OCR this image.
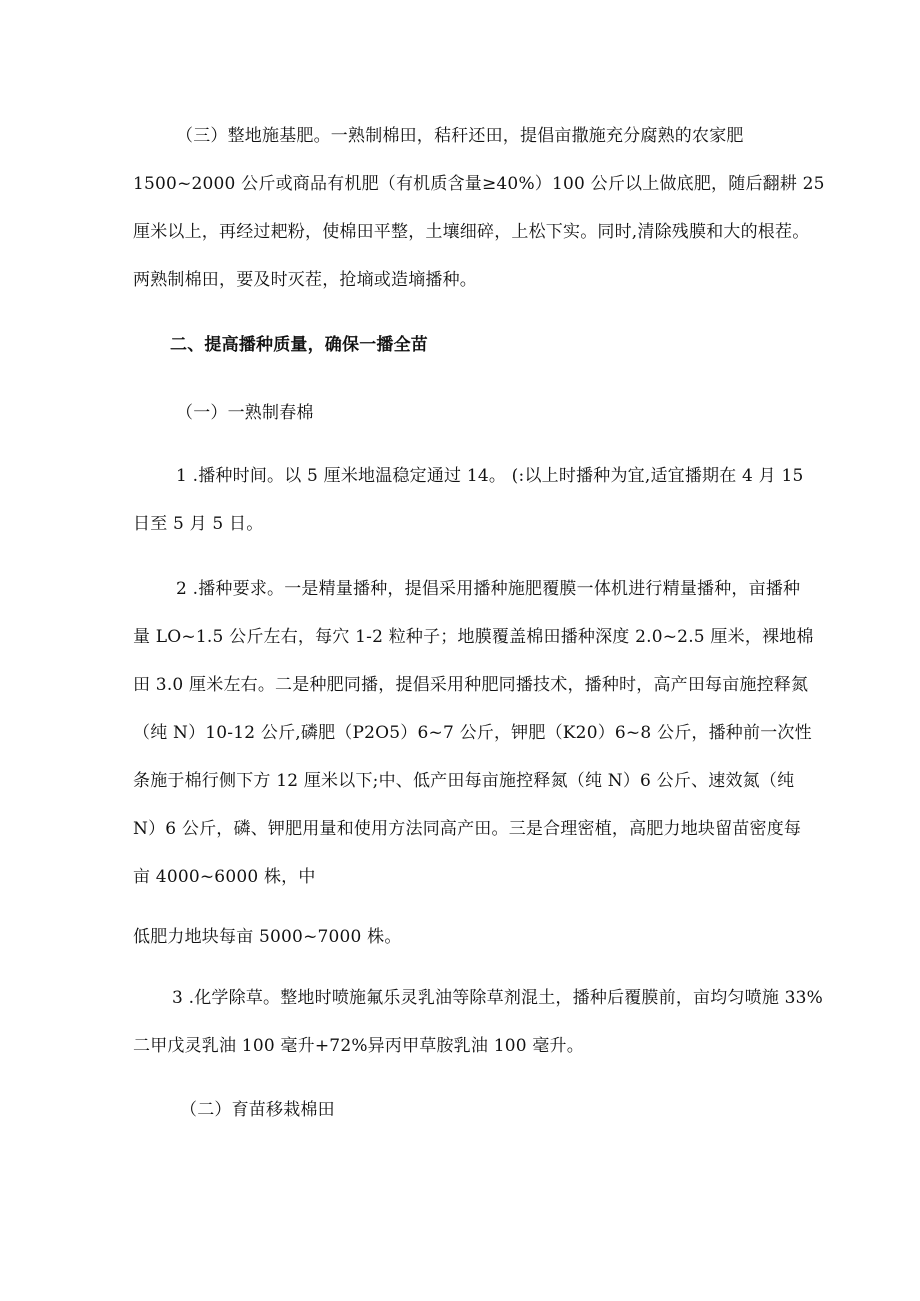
（三）整地施基肥。一熟制棉田，秸秆还田，提倡亩撒施充分腐熟的农家肥
1500~2000 公斤或商品有机肥（有机质含量≥40%）100 公斤以上做底肥，随后翻耕 25
厘米以上，再经过耙粉，使棉田平整，土壤细碎，上松下实。同时,清除残膜和大的根茬。
两熟制棉田，要及时灭茬，抢墒或造墒播种。
二、提高播种质量，确保一播全苗
（一）一熟制春棉
1 .播种时间。以 5 厘米地温稳定通过 14。 (:以上时播种为宜,适宜播期在 4 月 15
日至 5 月 5 日。
2 .播种要求。一是精量播种，提倡采用播种施肥覆膜一体机进行精量播种，亩播种
量 LO~1.5 公斤左右，每穴 1-2 粒种子；地膜覆盖棉田播种深度 2.0~2.5 厘米，裸地棉
田 3.0 厘米左右。二是种肥同播，提倡采用种肥同播技术，播种时，高产田每亩施控释氮
（纯 N）10-12 公斤,磷肥（P2O5）6~7 公斤，钾肥（K20）6~8 公斤，播种前一次性
条施于棉行侧下方 12 厘米以下;中、低产田每亩施控释氮（纯 N）6 公斤、速效氮（纯
N）6 公斤，磷、钾肥用量和使用方法同高产田。三是合理密植，高肥力地块留苗密度每
亩 4000~6000 株，中
低肥力地块每亩 5000~7000 株。
3 .化学除草。整地时喷施氟乐灵乳油等除草剂混土，播种后覆膜前，亩均匀喷施 33%
二甲戊灵乳油 100 毫升+72%异丙甲草胺乳油 100 毫升。
（二）育苗移栽棉田
